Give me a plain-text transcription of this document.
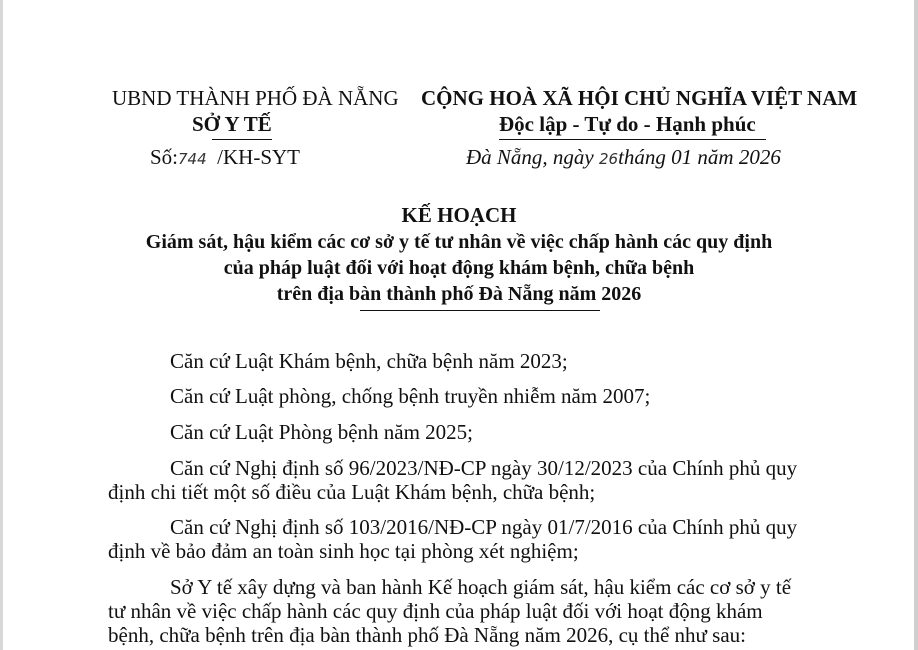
UBND THÀNH PHỐ ĐÀ NẴNG
SỞ Y TẾ
Số:744 /KH-SYT
CỘNG HOÀ XÃ HỘI CHỦ NGHĨA VIỆT NAM
Độc lập - Tự do - Hạnh phúc
Đà Nẵng, ngày 26tháng 01 năm 2026
KẾ HOẠCH
Giám sát, hậu kiểm các cơ sở y tế tư nhân về việc chấp hành các quy định
của pháp luật đối với hoạt động khám bệnh, chữa bệnh
trên địa bàn thành phố Đà Nẵng năm 2026
Căn cứ Luật Khám bệnh, chữa bệnh năm 2023;
Căn cứ Luật phòng, chống bệnh truyền nhiễm năm 2007;
Căn cứ Luật Phòng bệnh năm 2025;
Căn cứ Nghị định số 96/2023/NĐ-CP ngày 30/12/2023 của Chính phủ quy
định chi tiết một số điều của Luật Khám bệnh, chữa bệnh;
Căn cứ Nghị định số 103/2016/NĐ-CP ngày 01/7/2016 của Chính phủ quy
định về bảo đảm an toàn sinh học tại phòng xét nghiệm;
Sở Y tế xây dựng và ban hành Kế hoạch giám sát, hậu kiểm các cơ sở y tế
tư nhân về việc chấp hành các quy định của pháp luật đối với hoạt động khám
bệnh, chữa bệnh trên địa bàn thành phố Đà Nẵng năm 2026, cụ thể như sau:
